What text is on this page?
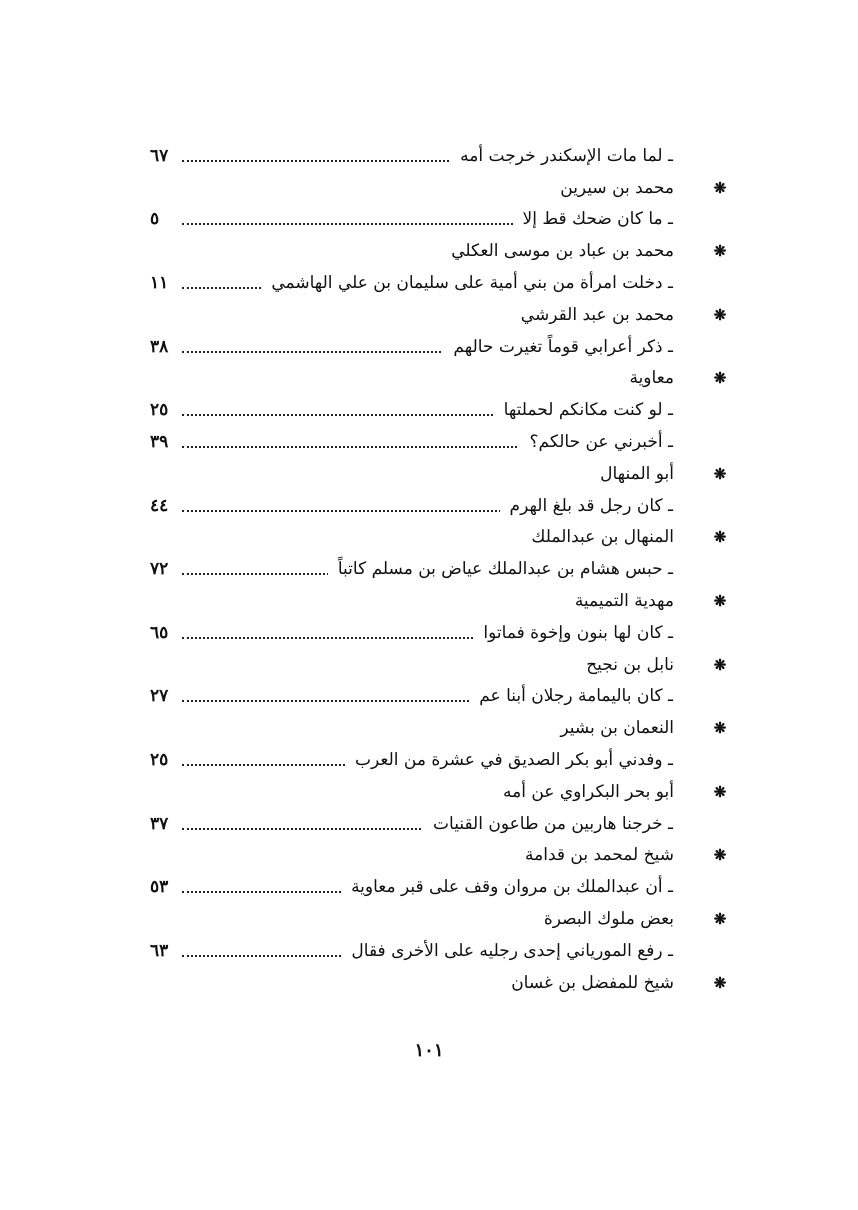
ـ لما مات الإسكندر خرجت أمه
٦٧
❋
محمد بن سيرين
ـ ما كان ضحك قط إلا
٥
❋
محمد بن عباد بن موسى العكلي
ـ دخلت امرأة من بني أمية على سليمان بن علي الهاشمي
١١
❋
محمد بن عبد القرشي
ـ ذكر أعرابي قوماً تغيرت حالهم
٣٨
❋
معاوية
ـ لو كنت مكانكم لحملتها
٢٥
ـ أخبرني عن حالكم؟
٣٩
❋
أبو المنهال
ـ كان رجل قد بلغ الهرم
٤٤
❋
المنهال بن عبدالملك
ـ حبس هشام بن عبدالملك عياض بن مسلم كاتباً
٧٢
❋
مهدية التميمية
ـ كان لها بنون وإخوة فماتوا
٦٥
❋
نابل بن نجيح
ـ كان باليمامة رجلان أبنا عم
٢٧
❋
النعمان بن بشير
ـ وفدني أبو بكر الصديق في عشرة من العرب
٢٥
❋
أبو بحر البكراوي عن أمه
ـ خرجنا هاربين من طاعون القنيات
٣٧
❋
شيخ لمحمد بن قدامة
ـ أن عبدالملك بن مروان وقف على قبر معاوية
٥٣
❋
بعض ملوك البصرة
ـ رفع المورياني إحدى رجليه على الأخرى فقال
٦٣
❋
شيخ للمفضل بن غسان
١٠١
